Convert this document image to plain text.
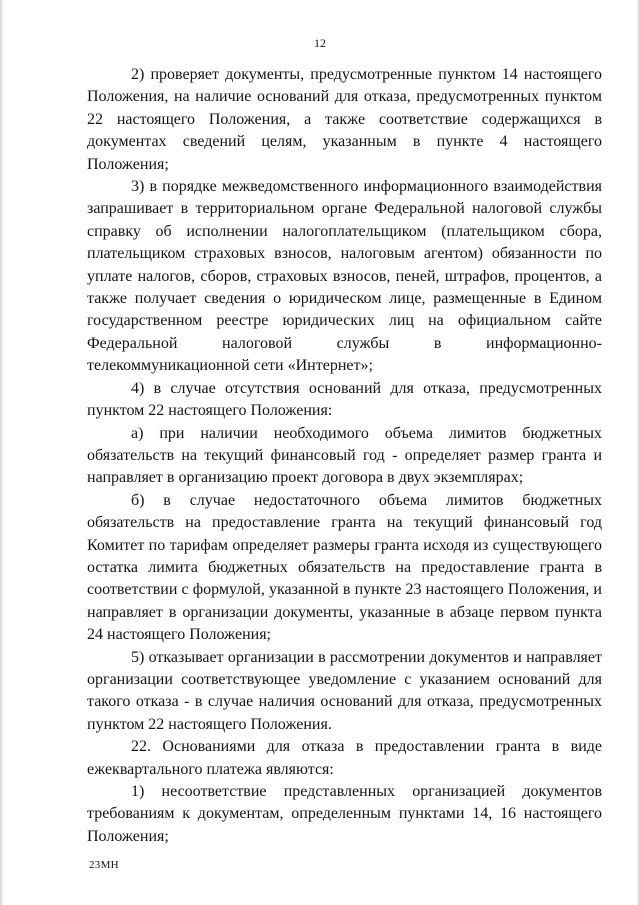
12

2) проверяет документы, предусмотренные пунктом 14 настоящего Положения, на наличие оснований для отказа, предусмотренных пунктом 22 настоящего Положения, а также соответствие содержащихся в документах сведений целям, указанным в пункте 4 настоящего Положения;

3) в порядке межведомственного информационного взаимодействия запрашивает в территориальном органе Федеральной налоговой службы справку об исполнении налогоплательщиком (плательщиком сбора, плательщиком страховых взносов, налоговым агентом) обязанности по уплате налогов, сборов, страховых взносов, пеней, штрафов, процентов, а также получает сведения о юридическом лице, размещенные в Едином государственном реестре юридических лиц на официальном сайте Федеральной налоговой службы в информационно-телекоммуникационной сети «Интернет»;

4) в случае отсутствия оснований для отказа, предусмотренных пунктом 22 настоящего Положения:

а) при наличии необходимого объема лимитов бюджетных обязательств на текущий финансовый год - определяет размер гранта и направляет в организацию проект договора в двух экземплярах;

б) в случае недостаточного объема лимитов бюджетных обязательств на предоставление гранта на текущий финансовый год Комитет по тарифам определяет размеры гранта исходя из существующего остатка лимита бюджетных обязательств на предоставление гранта в соответствии с формулой, указанной в пункте 23 настоящего Положения, и направляет в организации документы, указанные в абзаце первом пункта 24 настоящего Положения;

5) отказывает организации в рассмотрении документов и направляет организации соответствующее уведомление с указанием оснований для такого отказа - в случае наличия оснований для отказа, предусмотренных пунктом 22 настоящего Положения.

22. Основаниями для отказа в предоставлении гранта в виде ежеквартального платежа являются:

1) несоответствие представленных организацией документов требованиям к документам, определенным пунктами 14, 16 настоящего Положения;

23МН
